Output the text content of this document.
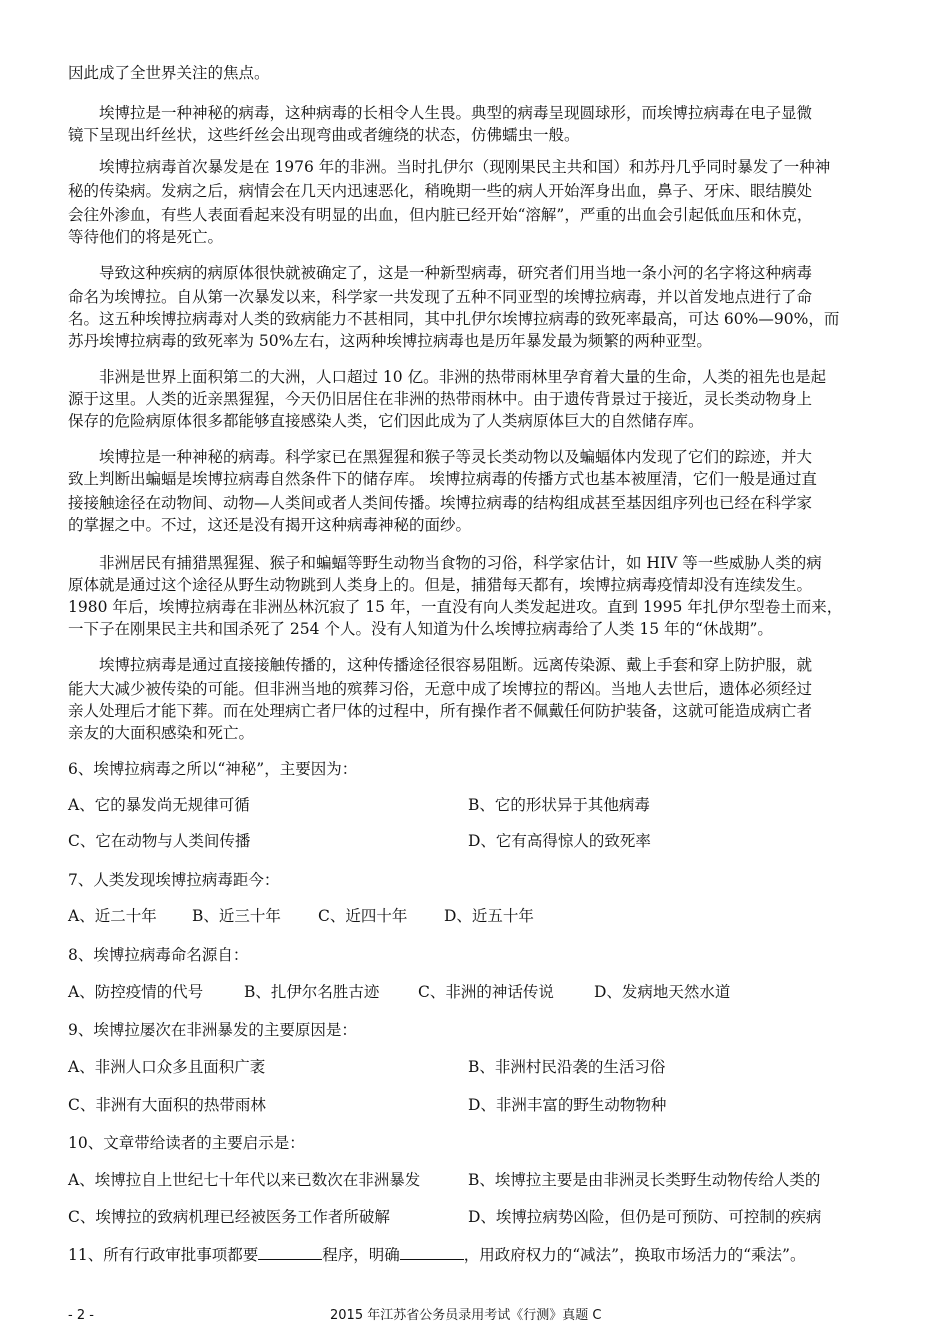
因此成了全世界关注的焦点。
　　埃博拉是一种神秘的病毒，这种病毒的长相令人生畏。典型的病毒呈现圆球形，而埃博拉病毒在电子显微
镜下呈现出纤丝状，这些纤丝会出现弯曲或者缠绕的状态，仿佛蠕虫一般。
　　埃博拉病毒首次暴发是在 1976 年的非洲。当时扎伊尔（现刚果民主共和国）和苏丹几乎同时暴发了一种神
秘的传染病。发病之后，病情会在几天内迅速恶化，稍晚期一些的病人开始浑身出血，鼻子、牙床、眼结膜处
会往外渗血，有些人表面看起来没有明显的出血，但内脏已经开始“溶解”，严重的出血会引起低血压和休克，
等待他们的将是死亡。
　　导致这种疾病的病原体很快就被确定了，这是一种新型病毒，研究者们用当地一条小河的名字将这种病毒
命名为埃博拉。自从第一次暴发以来，科学家一共发现了五种不同亚型的埃博拉病毒，并以首发地点进行了命
名。这五种埃博拉病毒对人类的致病能力不甚相同，其中扎伊尔埃博拉病毒的致死率最高，可达 60%—90%，而
苏丹埃博拉病毒的致死率为 50%左右，这两种埃博拉病毒也是历年暴发最为频繁的两种亚型。
　　非洲是世界上面积第二的大洲，人口超过 10 亿。非洲的热带雨林里孕育着大量的生命，人类的祖先也是起
源于这里。人类的近亲黑猩猩，今天仍旧居住在非洲的热带雨林中。由于遗传背景过于接近，灵长类动物身上
保存的危险病原体很多都能够直接感染人类，它们因此成为了人类病原体巨大的自然储存库。
　　埃博拉是一种神秘的病毒。科学家已在黑猩猩和猴子等灵长类动物以及蝙蝠体内发现了它们的踪迹，并大
致上判断出蝙蝠是埃博拉病毒自然条件下的储存库。 埃博拉病毒的传播方式也基本被厘清，它们一般是通过直
接接触途径在动物间、动物—人类间或者人类间传播。埃博拉病毒的结构组成甚至基因组序列也已经在科学家
的掌握之中。不过，这还是没有揭开这种病毒神秘的面纱。
　　非洲居民有捕猎黑猩猩、猴子和蝙蝠等野生动物当食物的习俗，科学家估计，如 HIV 等一些威胁人类的病
原体就是通过这个途径从野生动物跳到人类身上的。但是，捕猎每天都有，埃博拉病毒疫情却没有连续发生。
1980 年后，埃博拉病毒在非洲丛林沉寂了 15 年，一直没有向人类发起进攻。直到 1995 年扎伊尔型卷土而来，
一下子在刚果民主共和国杀死了 254 个人。没有人知道为什么埃博拉病毒给了人类 15 年的“休战期”。
　　埃博拉病毒是通过直接接触传播的，这种传播途径很容易阻断。远离传染源、戴上手套和穿上防护服，就
能大大减少被传染的可能。但非洲当地的殡葬习俗，无意中成了埃博拉的帮凶。当地人去世后，遗体必须经过
亲人处理后才能下葬。而在处理病亡者尸体的过程中，所有操作者不佩戴任何防护装备，这就可能造成病亡者
亲友的大面积感染和死亡。
6、埃博拉病毒之所以“神秘”，主要因为：
A、它的暴发尚无规律可循	B、它的形状异于其他病毒
C、它在动物与人类间传播	D、它有高得惊人的致死率
7、人类发现埃博拉病毒距今：
A、近二十年 B、近三十年 C、近四十年 D、近五十年
8、埃博拉病毒命名源自：
A、防控疫情的代号	B、扎伊尔名胜古迹 C、非洲的神话传说	D、发病地天然水道
9、埃博拉屡次在非洲暴发的主要原因是：
A、非洲人口众多且面积广袤	B、非洲村民沿袭的生活习俗
C、非洲有大面积的热带雨林	D、非洲丰富的野生动物物种
10、文章带给读者的主要启示是：
A、埃博拉自上世纪七十年代以来已数次在非洲暴发	B、埃博拉主要是由非洲灵长类野生动物传给人类的
C、埃博拉的致病机理已经被医务工作者所破解	D、埃博拉病势凶险，但仍是可预防、可控制的疾病
11、所有行政审批事项都要	程序，明确	，用政府权力的“减法”，换取市场活力的“乘法”。
- 2 -	2015 年江苏省公务员录用考试《行测》真题 C
